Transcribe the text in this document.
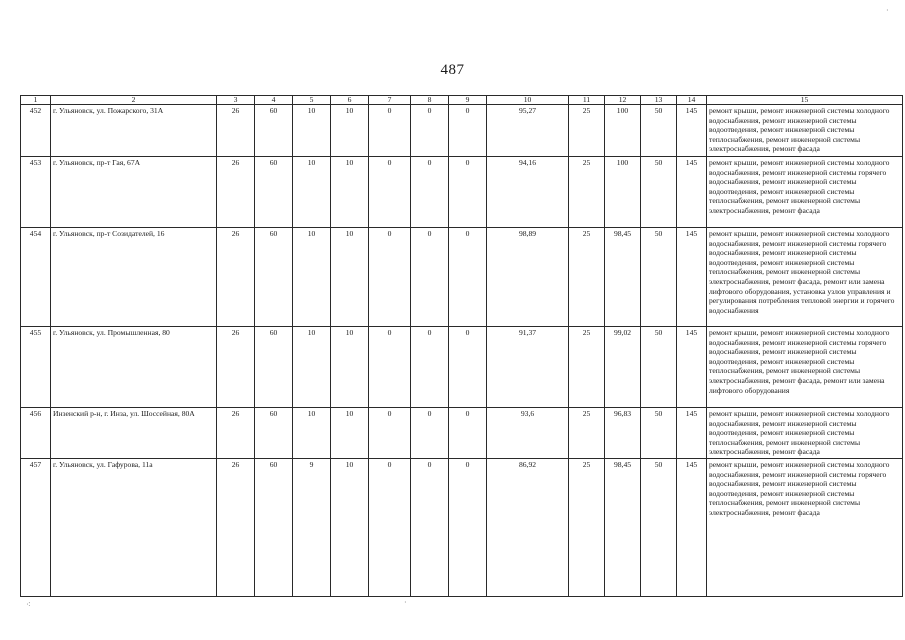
487
1	2	3	4	5	6	7	8	9	10	11	12	13	14	15
452	г. Ульяновск, ул. Пожарского, 31А	26	60	10	10	0	0	0	95,27	25	100	50	145	ремонт крыши, ремонт инженерной системы холодного водоснабжения, ремонт инженерной системы водоотведения, ремонт инженерной системы теплоснабжения, ремонт инженерной системы электроснабжения, ремонт фасада
453	г. Ульяновск, пр-т Гая, 67А	26	60	10	10	0	0	0	94,16	25	100	50	145	ремонт крыши, ремонт инженерной системы холодного водоснабжения, ремонт инженерной системы горячего водоснабжения, ремонт инженерной системы водоотведения, ремонт инженерной системы теплоснабжения, ремонт инженерной системы электроснабжения, ремонт фасада
454	г. Ульяновск, пр-т Созидателей, 16	26	60	10	10	0	0	0	98,89	25	98,45	50	145	ремонт крыши, ремонт инженерной системы холодного водоснабжения, ремонт инженерной системы горячего водоснабжения, ремонт инженерной системы водоотведения, ремонт инженерной системы теплоснабжения, ремонт инженерной системы электроснабжения, ремонт фасада, ремонт или замена лифтового оборудования, установка узлов управления и регулирования потребления тепловой энергии и горячего водоснабжения
455	г. Ульяновск, ул. Промышленная, 80	26	60	10	10	0	0	0	91,37	25	99,02	50	145	ремонт крыши, ремонт инженерной системы холодного водоснабжения, ремонт инженерной системы горячего водоснабжения, ремонт инженерной системы водоотведения, ремонт инженерной системы теплоснабжения, ремонт инженерной системы электроснабжения, ремонт фасада, ремонт или замена лифтового оборудования
456	Инзенский р-н, г. Инза, ул. Шоссейная, 80А	26	60	10	10	0	0	0	93,6	25	96,83	50	145	ремонт крыши, ремонт инженерной системы холодного водоснабжения, ремонт инженерной системы водоотведения, ремонт инженерной системы теплоснабжения, ремонт инженерной системы электроснабжения, ремонт фасада
457	г. Ульяновск, ул. Гафурова, 11а	26	60	9	10	0	0	0	86,92	25	98,45	50	145	ремонт крыши, ремонт инженерной системы холодного водоснабжения, ремонт инженерной системы горячего водоснабжения, ремонт инженерной системы водоотведения, ремонт инженерной системы теплоснабжения, ремонт инженерной системы электроснабжения, ремонт фасада
·
⁖	·
